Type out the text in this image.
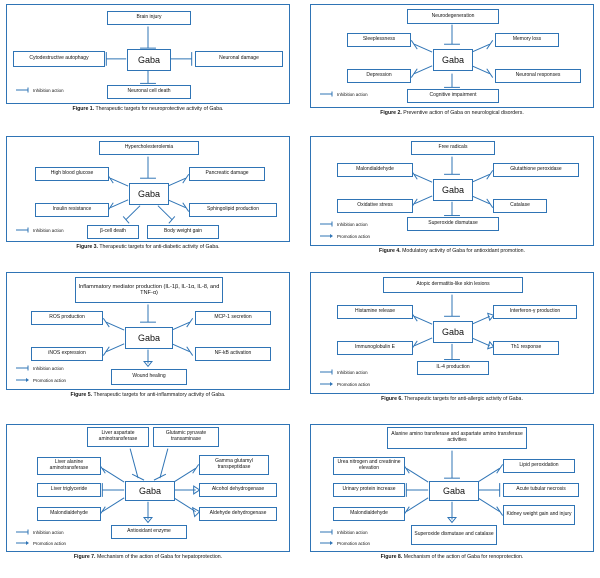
Brain injury
Gaba
Cytodestructive autophagy	Neuronal damage
Neuronal cell death
Inhibition action
Figure 1. Therapeutic targets for neuroprotective activity of Gaba.
Neurodegeneration
Gaba
Sleeplessness
Depression
Memory loss
Neuronal responses
Cognitive impairment
Inhibition action
Figure 2. Preventive action of Gaba on neurological disorders.
Hypercholesterolemia
Gaba
High blood glucose
Insulin resistance
Pancreatic damage
Sphingolipid production
β-cell death	Body weight gain
Inhibition action
Figure 3. Therapeutic targets for anti-diabetic activity of Gaba.
Free radicals
Gaba
Malondialdehyde
Oxidative stress
Glutathione peroxidase
Catalase
Superoxide dismutase
Inhibition action
Promotion action
Figure 4. Modulatory activity of Gaba for antioxidant promotion.
Inflammatory mediator production (IL-1β, IL-1α, IL-8, and TNF-α)
Gaba
ROS production
iNOS expression
MCP-1 secretion
NF-kB activation
Wound healing
Inhibition action
Promotion action
Figure 5. Therapeutic targets for anti-inflammatory activity of Gaba.
Atopic dermatitis-like skin lesions
Gaba
Histamine release
Immunoglobulin E
Interferon-γ production
Th1 response
IL-4 production
Inhibition action
Promotion action
Figure 6. Therapeutic targets for anti-allergic activity of Gaba.
Liver aspartate aminotransferase
Glutamic pyruvate transaminase
Gaba
Liver alanine aminotransferase
Liver triglyceride
Malondialdehyde
Gamma glutamyl transpeptidase
Alcohol dehydrogenase
Aldehyde dehydrogenase
Antioxidant enzyme
Inhibition action
Promotion action
Figure 7. Mechanism of the action of Gaba for hepatoprotection.
Alanine amino transferase and aspartate amino transferase activities
Gaba
Urea nitrogen and creatinine elevation
Urinary protein increase
Malondialdehyde
Lipid peroxidation
Acute tubular necrosis
Kidney weight gain and injury
Superoxide dismutase and catalase
Inhibition action
Promotion action
Figure 8. Mechanism of the action of Gaba for renoprotection.
